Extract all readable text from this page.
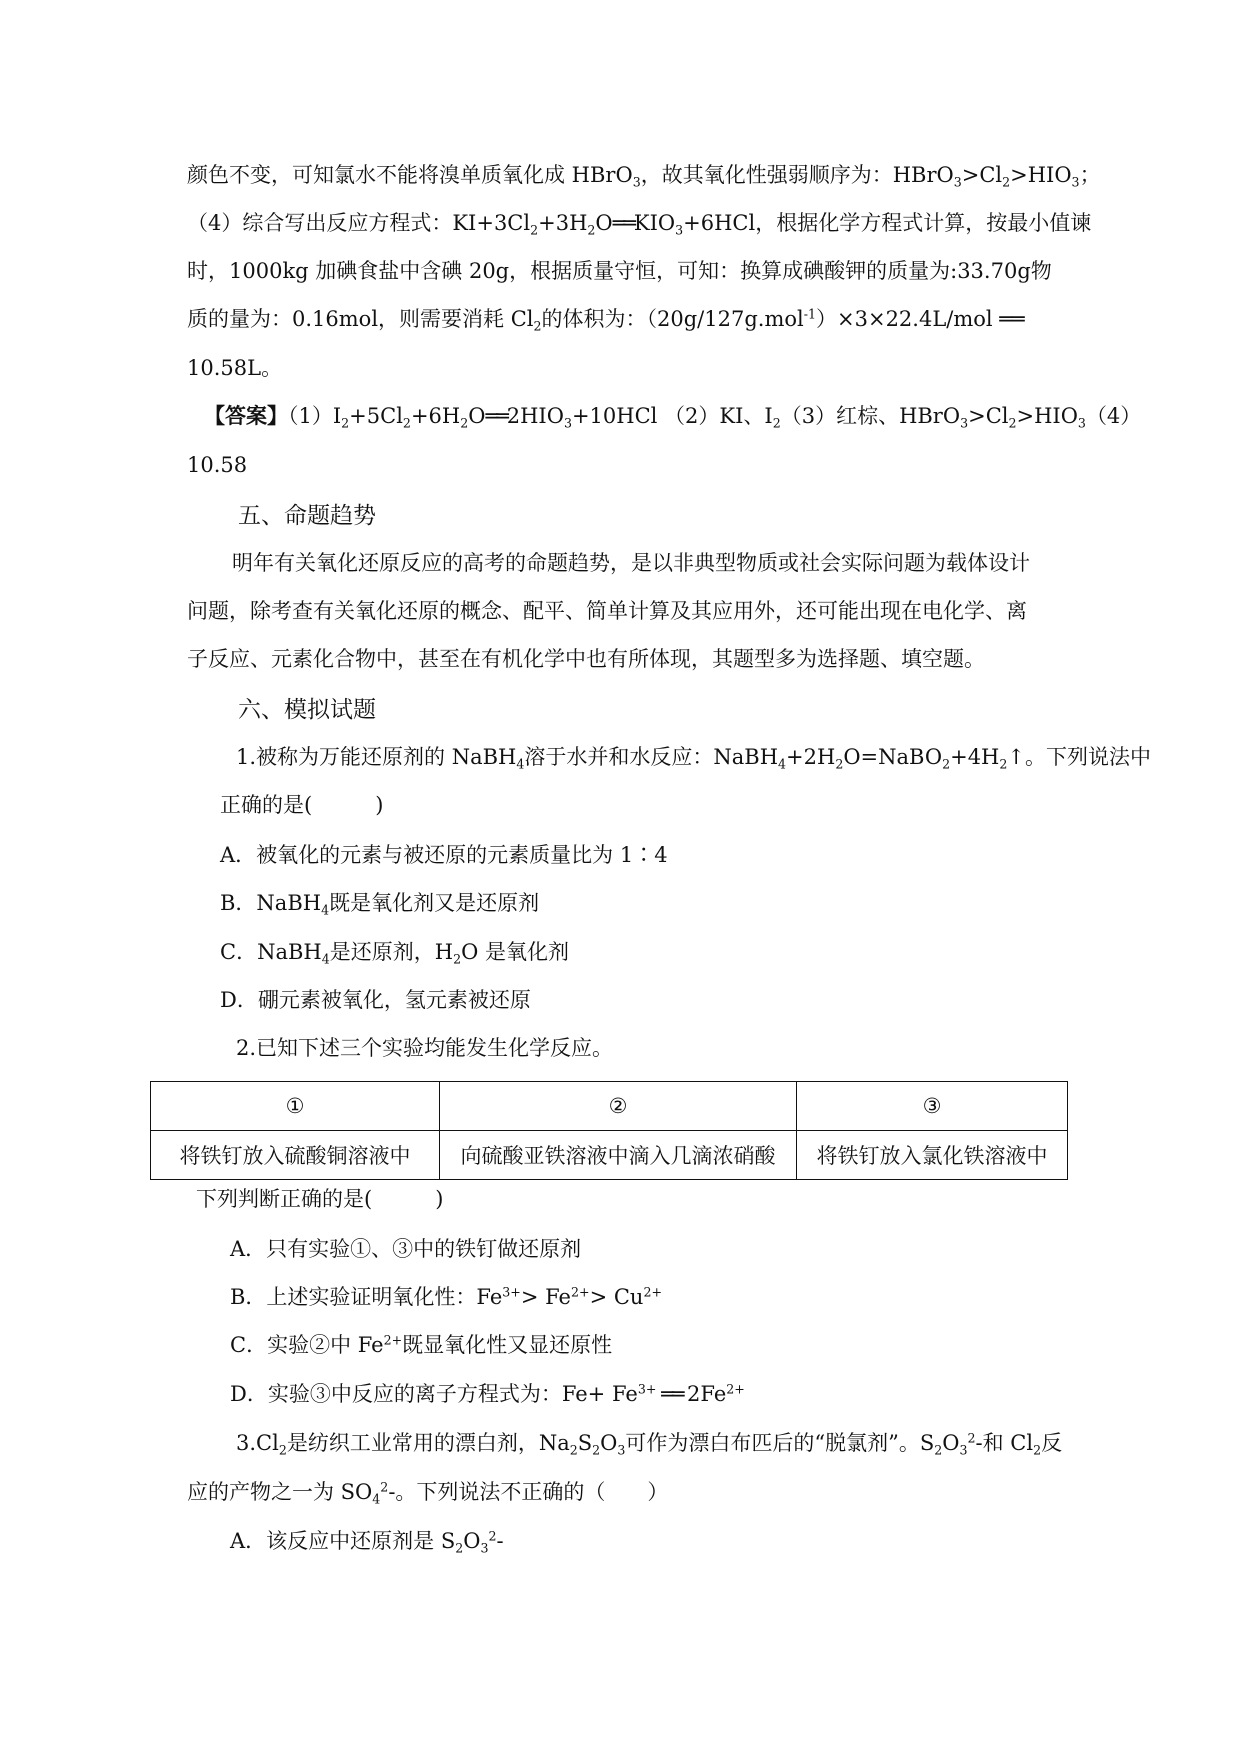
颜色不变，可知氯水不能将溴单质氧化成 HBrO$_3$，故其氧化性强弱顺序为：$HBrO_3>Cl_2>HIO_3$；
（4）综合写出反应方程式：$KI+3Cl_2+3H_2O══KIO_3+6HCl$，根据化学方程式计算，按最小值谏
时，1000kg 加碘食盐中含碘 20g，根据质量守恒，可知：换算成碘酸钾的质量为:33.70g物
质的量为：0.16mol，则需要消耗 $Cl_2$的体积为：（20g/127g.mol$^{-1}$）×3×22.4L/mol ══
10.58L。
【答案】$(1)I_2+5Cl_2+6H_2O══2HIO_3+10HCl$ （2）KI、$I_2(3)$红棕、$HBrO_3>Cl_2>HIO_3(4)$
10.58
五、命题趋势
明年有关氧化还原反应的高考的命题趋势，是以非典型物质或社会实际问题为载体设计
问题，除考查有关氧化还原的概念、配平、简单计算及其应用外，还可能出现在电化学、离
子反应、元素化合物中，甚至在有机化学中也有所体现，其题型多为选择题、填空题。
六、模拟试题
1.被称为万能还原剂的 NaBH$_4$溶于水并和水反应：$NaBH_4+2H_2O=NaBO_2+4H_2↑$。下列说法中
正确的是(　　　)
A．被氧化的元素与被还原的元素质量比为 1∶4
B．NaBH$_4$既是氧化剂又是还原剂
C．NaBH$_4$是还原剂，$H_2O$ 是氧化剂
D．硼元素被氧化，氢元素被还原
2.已知下述三个实验均能发生化学反应。
①	②	③
将铁钉放入硫酸铜溶液中	向硫酸亚铁溶液中滴入几滴浓硝酸	将铁钉放入氯化铁溶液中
下列判断正确的是(　　　)
A．只有实验①、③中的铁钉做还原剂
B．上述实验证明氧化性：$Fe^{3+}> Fe^{2+}> Cu^{2+}$
C．实验②中 $Fe^{2+}$既显氧化性又显还原性
D．实验③中反应的离子方程式为：$Fe+ Fe^{3+}$ ══ $2Fe^{2+}$
$3.Cl_2$是纺织工业常用的漂白剂，$Na_2S_2O_3$可作为漂白布匹后的“脱氯剂”。$S_2O_3^2-$和 $Cl_2$反
应的产物之一为 $SO_4^2-$。下列说法不正确的（　　）
A．该反应中还原剂是 $S_2O_3^2-$
